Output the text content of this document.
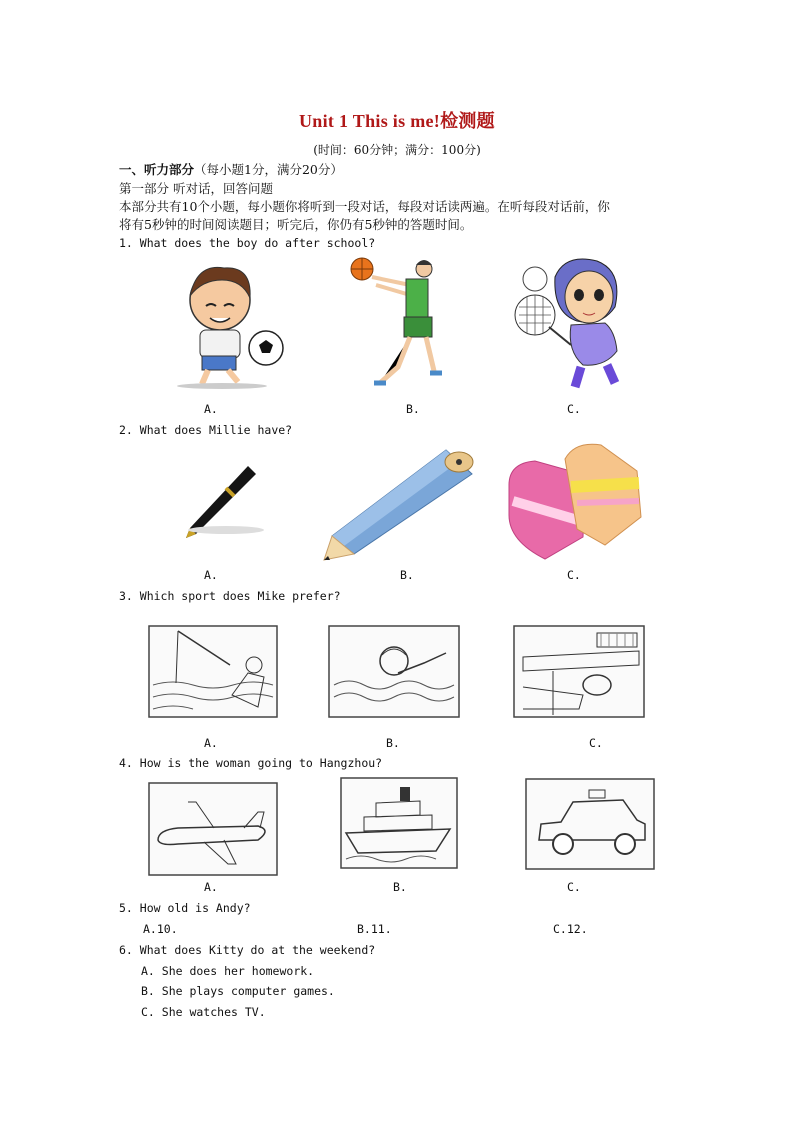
Unit 1 This is me!检测题
(时间：60分钟；满分：100分)
一、听力部分（每小题1分，满分20分）
第一部分 听对话，回答问题
本部分共有10个小题，每小题你将听到一段对话，每段对话读两遍。在听每段对话前，你
将有5秒钟的时间阅读题目；听完后，你仍有5秒钟的答题时间。
1. What does the boy do after school?
A.	B.	C.
2. What does Millie have?
A.	B.	C.
3. Which sport does Mike prefer?
A.	B.	C.
4. How is the woman going to Hangzhou?
A.	B.	C.
5. How old is Andy?
A.10.	B.11.	C.12.
6. What does Kitty do at the weekend?
A. She does her homework.
B. She plays computer games.
C. She watches TV.
